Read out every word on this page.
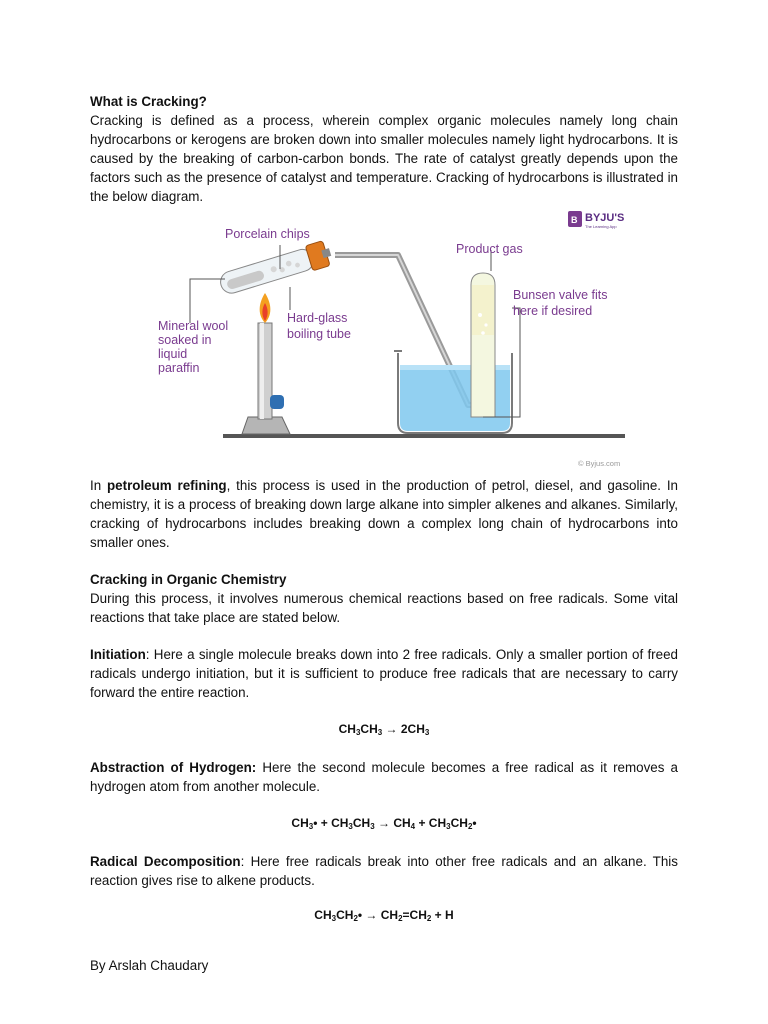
What is Cracking?

Cracking is defined as a process, wherein complex organic molecules namely long chain hydrocarbons or kerogens are broken down into smaller molecules namely light hydrocarbons. It is caused by the breaking of carbon-carbon bonds. The rate of catalyst greatly depends upon the factors such as the presence of catalyst and temperature. Cracking of hydrocarbons is illustrated in the below diagram.

In petroleum refining, this process is used in the production of petrol, diesel, and gasoline. In chemistry, it is a process of breaking down large alkane into simpler alkenes and alkanes. Similarly, cracking of hydrocarbons includes breaking down a complex long chain of hydrocarbons into smaller ones.

Cracking in Organic Chemistry

During this process, it involves numerous chemical reactions based on free radicals. Some vital reactions that take place are stated below.

Initiation: Here a single molecule breaks down into 2 free radicals. Only a smaller portion of freed radicals undergo initiation, but it is sufficient to produce free radicals that are necessary to carry forward the entire reaction.

$CH_3CH_3 \to 2CH_3$

Abstraction of Hydrogen: Here the second molecule becomes a free radical as it removes a hydrogen atom from another molecule.

$CH_3• + CH_3CH_3 \to CH_4$ + $CH_3CH_2•$

Radical Decomposition: Here free radicals break into other free radicals and an alkane. This reaction gives rise to alkene products.

$CH_3CH_2• \to CH_2=CH_2 + H$

B BYJU'S
The Learning App
Porcelain chips
Product gas
Bunsen valve fits
here if desired
Hard-glass
boiling tube
Mineral wool
soaked in
liquid
paraffin
© Byjus.com
By Arslah Chaudary
